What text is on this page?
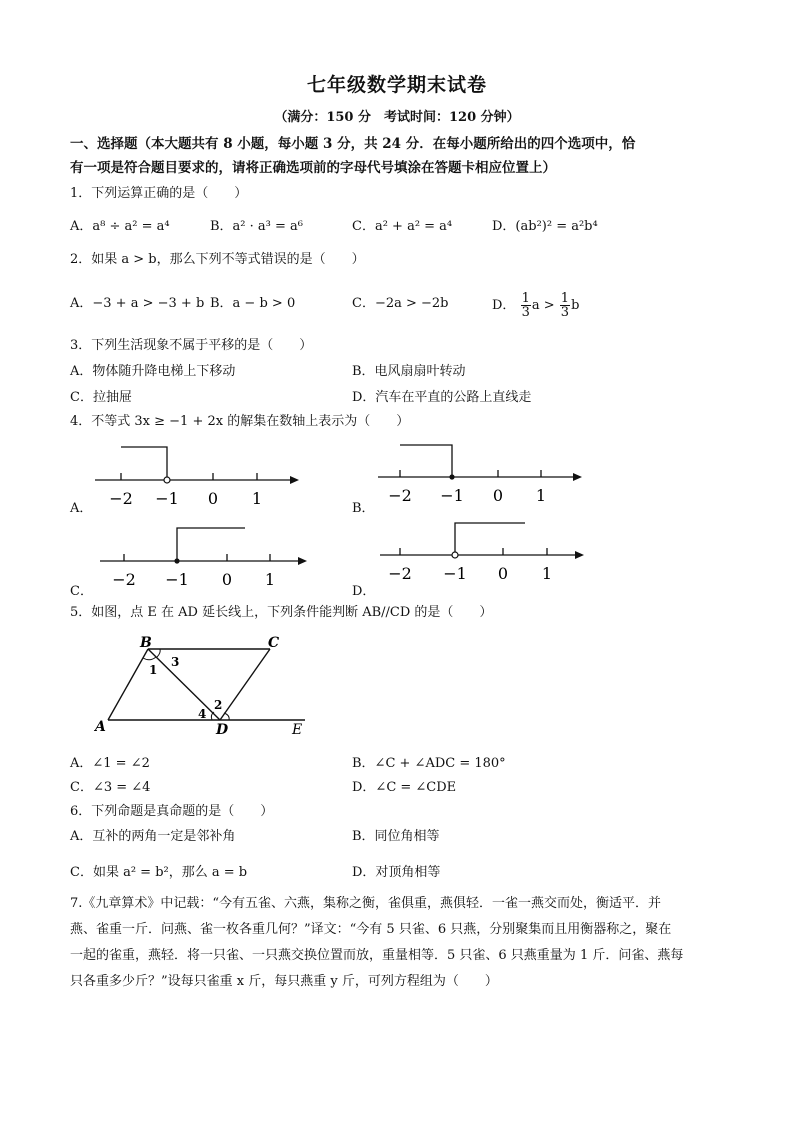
七年级数学期末试卷
（满分：150 分　考试时间：120 分钟）
一、选择题（本大题共有 8 小题，每小题 3 分，共 24 分．在每小题所给出的四个选项中，恰
有一项是符合题目要求的，请将正确选项前的字母代号填涂在答题卡相应位置上）
1．下列运算正确的是（　　）
A．a⁸ ÷ a² = a⁴	B．a² · a³ = a⁶	C．a² + a² = a⁴	D．(ab²)² = a²b⁴
2．如果 a > b，那么下列不等式错误的是（　　）
A．−3 + a > −3 + b B．a − b > 0	C．−2a > −2b	D． $\frac{1}{3}$ $a > \frac{1}{3}$ b
3．下列生活现象不属于平移的是（　　）
A．物体随升降电梯上下移动	B．电风扇扇叶转动
C．拉抽屉	D．汽车在平直的公路上直线走
4．不等式 3x ≥ −1 + 2x 的解集在数轴上表示为（　　）
A．
−2 −1 0 1
B．
−2 −1 0 1
C．
−2 −1 0 1
D．
−2 −1 0 1
5．如图，点 E 在 AD 延长线上，下列条件能判断 AB//CD 的是（　　）
B	C
A	D	E
1
2
3
4
A．∠1 = ∠2	B．∠C + ∠ADC = 180°
C．∠3 = ∠4	D．∠C = ∠CDE
6．下列命题是真命题的是（　　）
A．互补的两角一定是邻补角	B．同位角相等
C．如果 a² = b²，那么 a = b	D．对顶角相等
7.《九章算术》中记载：“今有五雀、六燕，集称之衡，雀俱重，燕俱轻．一雀一燕交而处，衡适平．并
燕、雀重一斤．问燕、雀一枚各重几何？”译文：“今有 5 只雀、6 只燕，分别聚集而且用衡器称之，聚在
一起的雀重，燕轻．将一只雀、一只燕交换位置而放，重量相等．5 只雀、6 只燕重量为 1 斤．问雀、燕每
只各重多少斤？”设每只雀重 x 斤，每只燕重 y 斤，可列方程组为（　　）
